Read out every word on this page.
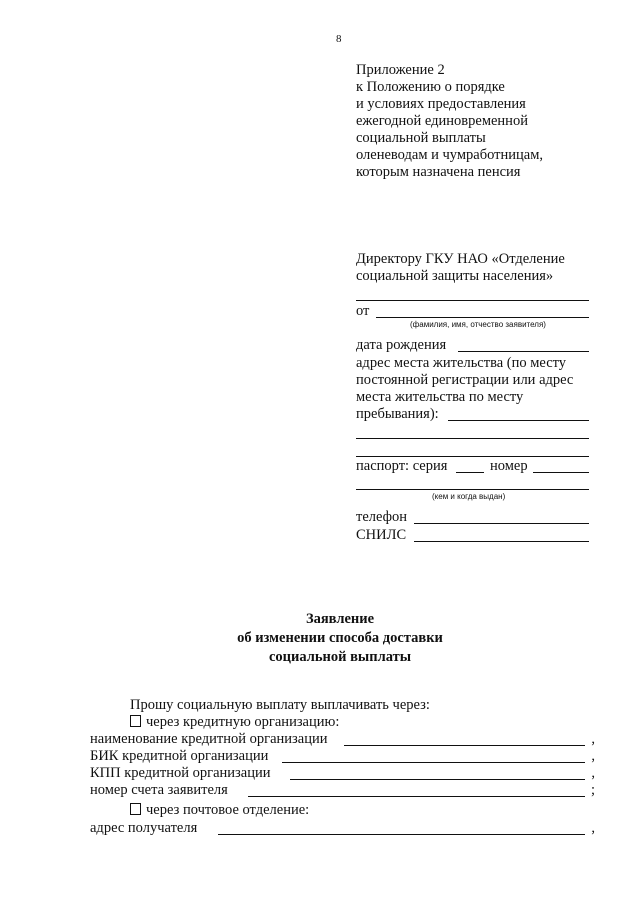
8
Приложение 2
к Положению о порядке
и условиях предоставления
ежегодной единовременной
социальной выплаты
оленеводам и чумработницам,
которым назначена пенсия
Директору ГКУ НАО «Отделение
социальной защиты населения»
от
(фамилия, имя, отчество заявителя)
дата рождения
адрес места жительства (по месту
постоянной регистрации или адрес
места жительства по месту
пребывания):
паспорт: серия	номер
(кем и когда выдан)
телефон
СНИЛС
Заявление
об изменении способа доставки
социальной выплаты
Прошу социальную выплату выплачивать через:
через кредитную организацию:
наименование кредитной организации	,
БИК кредитной организации	,
КПП кредитной организации	,
номер счета заявителя	;
через почтовое отделение:
адрес получателя	,
